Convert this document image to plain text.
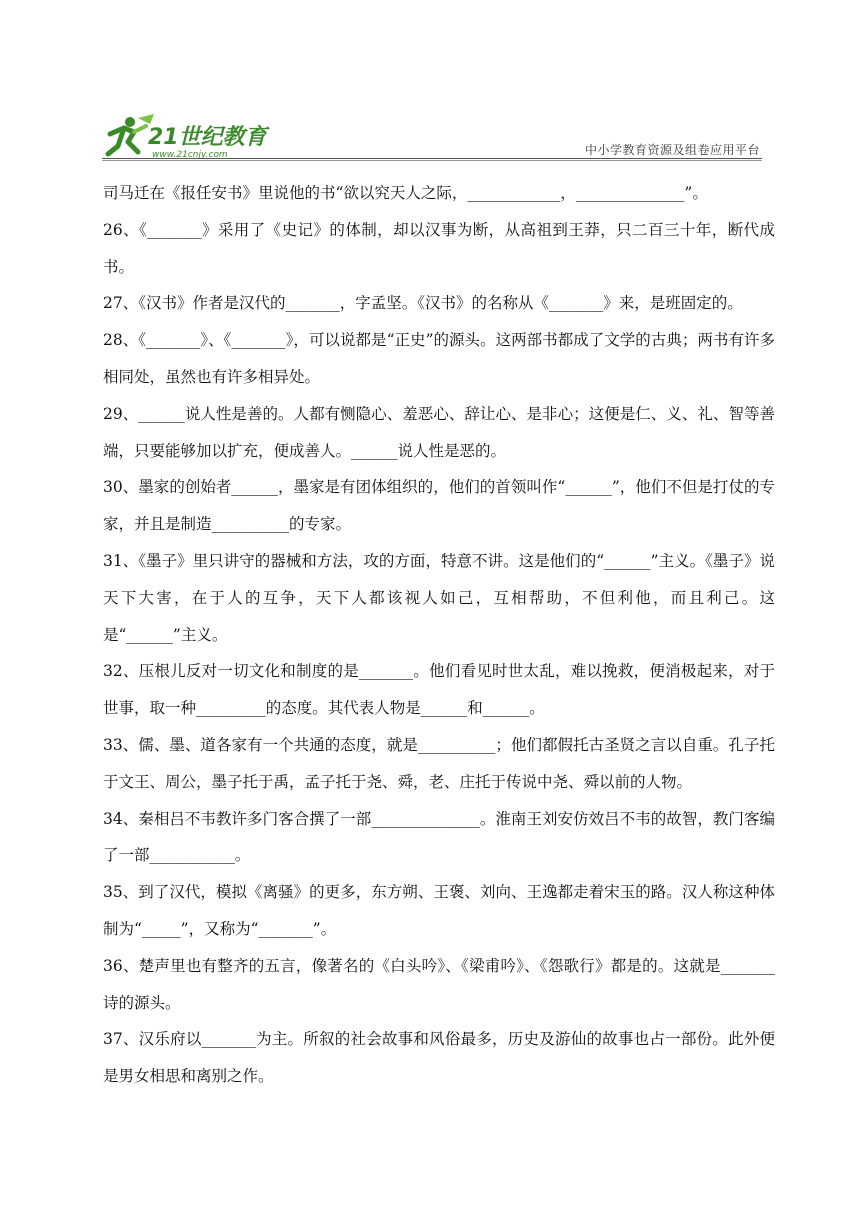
21世纪教育
www.21cnjy.com	中小学教育资源及组卷应用平台

司马迁在《报任安书》里说他的书“欲以究天人之际，____________，______________”。

26、《_______》采用了《史记》的体制，却以汉事为断，从高祖到王莽，只二百三十年，断代成书。

27、《汉书》作者是汉代的_______，字孟坚。《汉书》的名称从《_______》来，是班固定的。

28、《_______》、《_______》，可以说都是“正史”的源头。这两部书都成了文学的古典；两书有许多相同处，虽然也有许多相异处。

29、______说人性是善的。人都有恻隐心、羞恶心、辞让心、是非心；这便是仁、义、礼、智等善端，只要能够加以扩充，便成善人。______说人性是恶的。

30、墨家的创始者______，墨家是有团体组织的，他们的首领叫作“______”，他们不但是打仗的专家，并且是制造__________的专家。

31、《墨子》里只讲守的器械和方法，攻的方面，特意不讲。这是他们的“______”主义。《墨子》说天下大害，在于人的互争，天下人都该视人如己，互相帮助，不但利他，而且利己。这是“______”主义。

32、压根儿反对一切文化和制度的是_______。他们看见时世太乱，难以挽救，便消极起来，对于世事，取一种_________的态度。其代表人物是______和______。

33、儒、墨、道各家有一个共通的态度，就是__________；他们都假托古圣贤之言以自重。孔子托于文王、周公，墨子托于禹，孟子托于尧、舜，老、庄托于传说中尧、舜以前的人物。

34、秦相吕不韦教许多门客合撰了一部______________。淮南王刘安仿效吕不韦的故智，教门客编了一部___________。

35、到了汉代，模拟《离骚》的更多，东方朔、王褒、刘向、王逸都走着宋玉的路。汉人称这种体制为“_____”，又称为“_______”。

36、楚声里也有整齐的五言，像著名的《白头吟》、《梁甫吟》、《怨歌行》都是的。这就是_______诗的源头。

37、汉乐府以_______为主。所叙的社会故事和风俗最多，历史及游仙的故事也占一部份。此外便是男女相思和离别之作。
